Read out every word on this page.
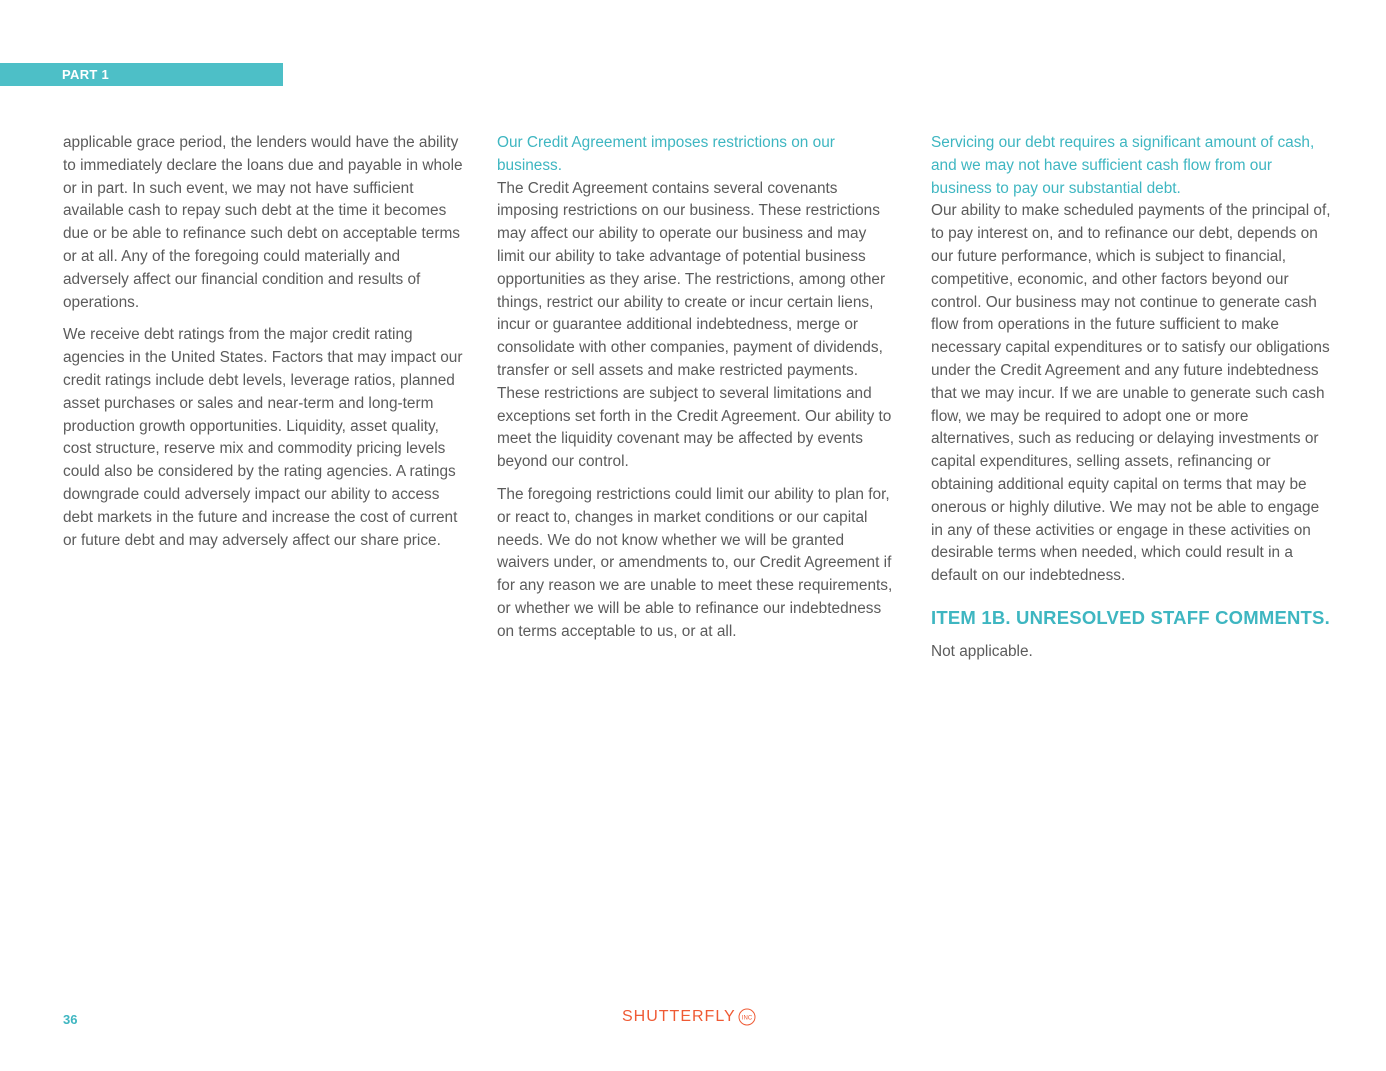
PART 1

applicable grace period, the lenders would have the ability to immediately declare the loans due and payable in whole or in part. In such event, we may not have sufficient available cash to repay such debt at the time it becomes due or be able to refinance such debt on acceptable terms or at all. Any of the foregoing could materially and adversely affect our financial condition and results of operations.

We receive debt ratings from the major credit rating agencies in the United States. Factors that may impact our credit ratings include debt levels, leverage ratios, planned asset purchases or sales and near-term and long-term production growth opportunities. Liquidity, asset quality, cost structure, reserve mix and commodity pricing levels could also be considered by the rating agencies. A ratings downgrade could adversely impact our ability to access debt markets in the future and increase the cost of current or future debt and may adversely affect our share price.

Our Credit Agreement imposes restrictions on our business.
The Credit Agreement contains several covenants imposing restrictions on our business. These restrictions may affect our ability to operate our business and may limit our ability to take advantage of potential business opportunities as they arise. The restrictions, among other things, restrict our ability to create or incur certain liens, incur or guarantee additional indebtedness, merge or consolidate with other companies, payment of dividends, transfer or sell assets and make restricted payments. These restrictions are subject to several limitations and exceptions set forth in the Credit Agreement. Our ability to meet the liquidity covenant may be affected by events beyond our control.

The foregoing restrictions could limit our ability to plan for, or react to, changes in market conditions or our capital needs. We do not know whether we will be granted waivers under, or amendments to, our Credit Agreement if for any reason we are unable to meet these requirements, or whether we will be able to refinance our indebtedness on terms acceptable to us, or at all.

Servicing our debt requires a significant amount of cash, and we may not have sufficient cash flow from our business to pay our substantial debt.
Our ability to make scheduled payments of the principal of, to pay interest on, and to refinance our debt, depends on our future performance, which is subject to financial, competitive, economic, and other factors beyond our control. Our business may not continue to generate cash flow from operations in the future sufficient to make necessary capital expenditures or to satisfy our obligations under the Credit Agreement and any future indebtedness that we may incur. If we are unable to generate such cash flow, we may be required to adopt one or more alternatives, such as reducing or delaying investments or capital expenditures, selling assets, refinancing or obtaining additional equity capital on terms that may be onerous or highly dilutive. We may not be able to engage in any of these activities or engage in these activities on desirable terms when needed, which could result in a default on our indebtedness.

ITEM 1B. UNRESOLVED STAFF COMMENTS.

Not applicable.

36	SHUTTERFLY INC
